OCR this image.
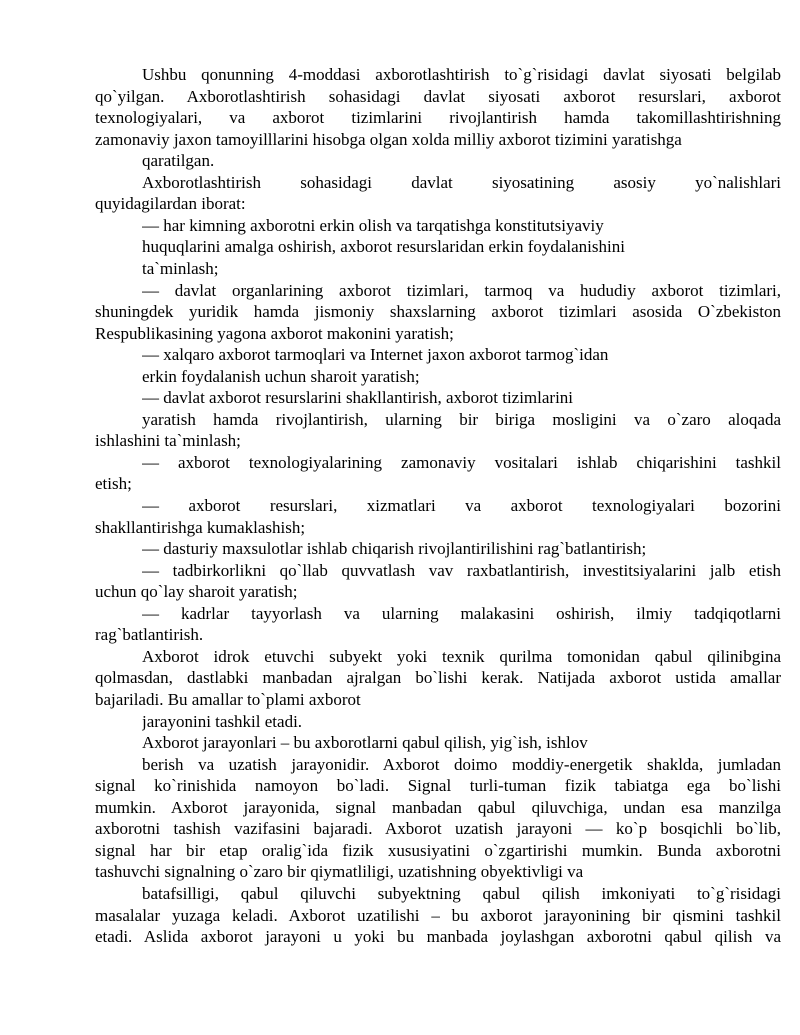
Ushbu qonunning 4-moddasi axborotlashtirish to`g`risidagi davlat siyosati belgilab
qo`yilgan. Axborotlashtirish sohasidagi davlat siyosati axborot resurslari, axborot
texnologiyalari, va axborot tizimlarini rivojlantirish hamda takomillashtirishning
zamonaviy jaxon tamoyilllarini hisobga olgan xolda milliy axborot tizimini yaratishga
qaratilgan.
Axborotlashtirish sohasidagi davlat siyosatining asosiy yo`nalishlari
quyidagilardan iborat:
— har kimning axborotni erkin olish va tarqatishga konstitutsiyaviy
huquqlarini amalga oshirish, axborot resurslaridan erkin foydalanishini
ta`minlash;
— davlat organlarining axborot tizimlari, tarmoq va hududiy axborot tizimlari,
shuningdek yuridik hamda jismoniy shaxslarning axborot tizimlari asosida O`zbekiston
Respublikasining yagona axborot makonini yaratish;
— xalqaro axborot tarmoqlari va Internet jaxon axborot tarmog`idan
erkin foydalanish uchun sharoit yaratish;
— davlat axborot resurslarini shakllantirish, axborot tizimlarini
yaratish hamda rivojlantirish, ularning bir biriga mosligini va o`zaro aloqada
ishlashini ta`minlash;
— axborot texnologiyalarining zamonaviy vositalari ishlab chiqarishini tashkil
etish;
— axborot resurslari, xizmatlari va axborot texnologiyalari bozorini
shakllantirishga kumaklashish;
— dasturiy maxsulotlar ishlab chiqarish rivojlantirilishini rag`batlantirish;
— tadbirkorlikni qo`llab quvvatlash vav raxbatlantirish, investitsiyalarini jalb etish
uchun qo`lay sharoit yaratish;
— kadrlar tayyorlash va ularning malakasini oshirish, ilmiy tadqiqotlarni
rag`batlantirish.
Axborot idrok etuvchi subyekt yoki texnik qurilma tomonidan qabul qilinibgina
qolmasdan, dastlabki manbadan ajralgan bo`lishi kerak. Natijada axborot ustida amallar
bajariladi. Bu amallar to`plami axborot
jarayonini tashkil etadi.
Axborot jarayonlari – bu axborotlarni qabul qilish, yig`ish, ishlov
berish va uzatish jarayonidir. Axborot doimo moddiy-energetik shaklda, jumladan
signal ko`rinishida namoyon bo`ladi. Signal turli-tuman fizik tabiatga ega bo`lishi
mumkin. Axborot jarayonida, signal manbadan qabul qiluvchiga, undan esa manzilga
axborotni tashish vazifasini bajaradi. Axborot uzatish jarayoni — ko`p bosqichli bo`lib,
signal har bir etap oralig`ida fizik xususiyatini o`zgartirishi mumkin. Bunda axborotni
tashuvchi signalning o`zaro bir qiymatliligi, uzatishning obyektivligi va
batafsilligi, qabul qiluvchi subyektning qabul qilish imkoniyati to`g`risidagi
masalalar yuzaga keladi. Axborot uzatilishi – bu axborot jarayonining bir qismini tashkil
etadi. Aslida axborot jarayoni u yoki bu manbada joylashgan axborotni qabul qilish va
